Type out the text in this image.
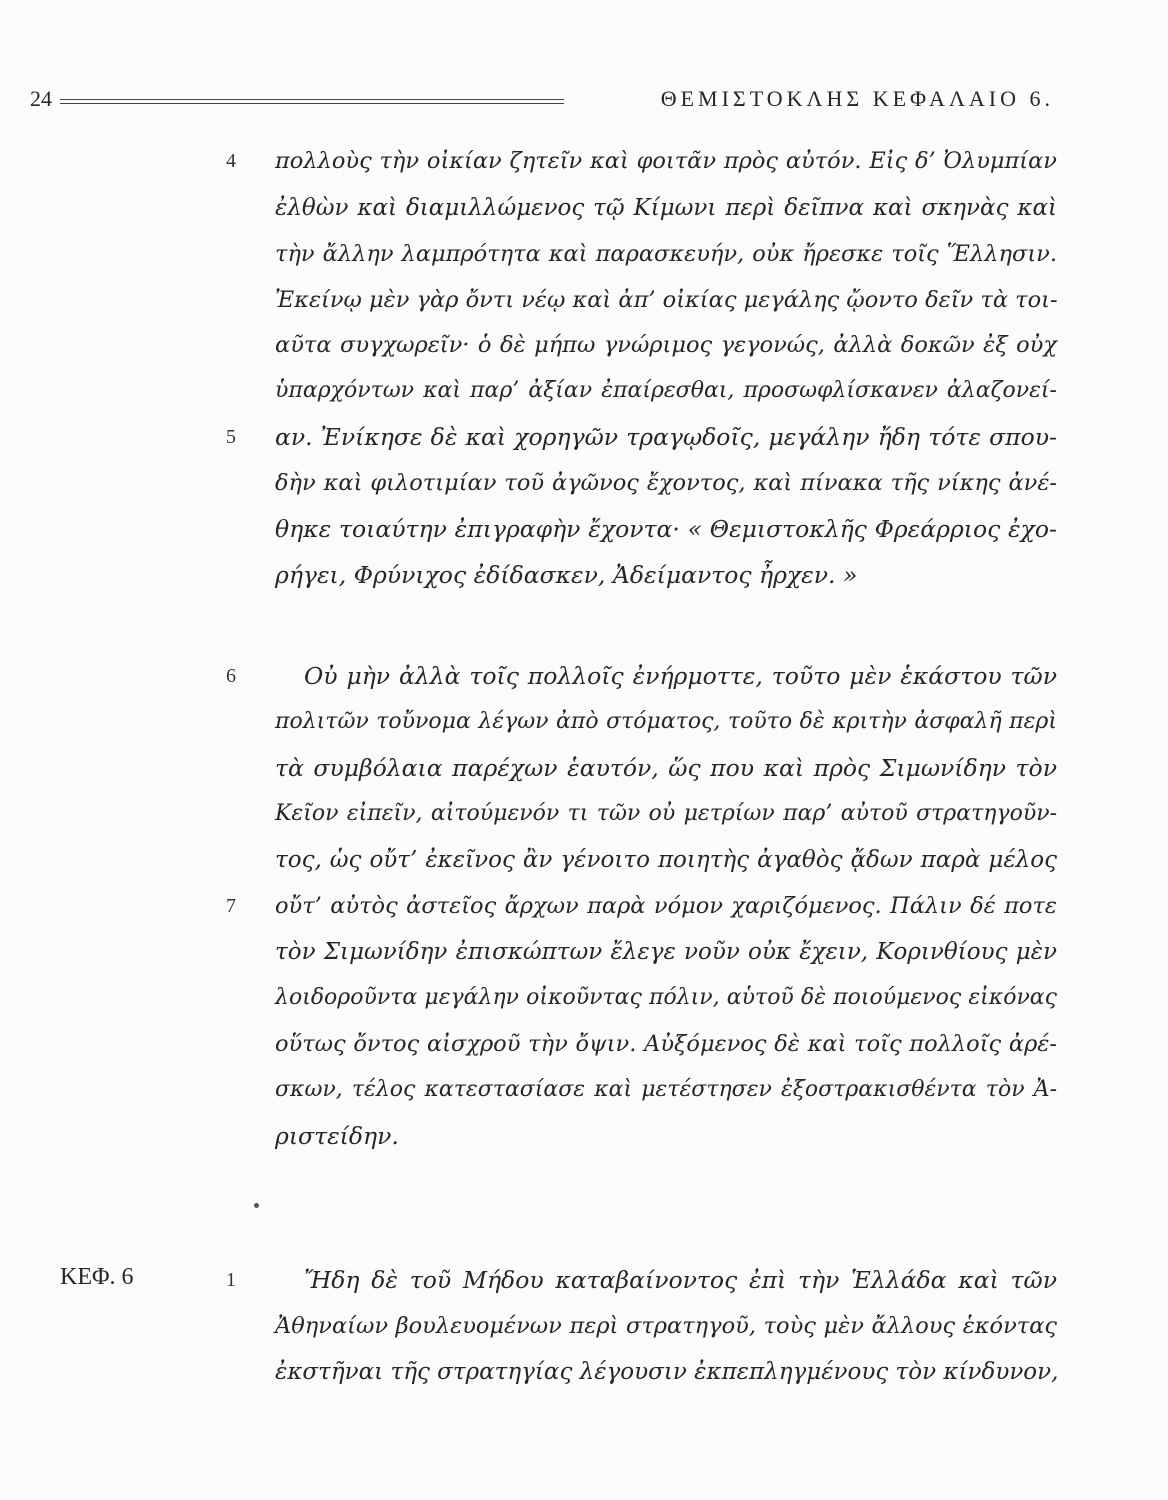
24	ΘΕΜΙΣΤΟΚΛΗΣ ΚΕΦΑΛΑΙΟ 6.
4
5
6
7
1
ΚΕΦ. 6
πολλοὺς τὴν οἰκίαν ζητεῖν καὶ φοιτᾶν πρὸς αὐτόν. Εἰς δ’ Ὀλυμπίαν
ἐλθὼν καὶ διαμιλλώμενος τῷ Κίμωνι περὶ δεῖπνα καὶ σκηνὰς καὶ
τὴν ἄλλην λαμπρότητα καὶ παρασκευήν, οὐκ ἤρεσκε τοῖς Ἕλλησιν.
Ἐκείνῳ μὲν γὰρ ὄντι νέῳ καὶ ἀπ’ οἰκίας μεγάλης ᾤοντο δεῖν τὰ τοι-
αῦτα συγχωρεῖν· ὁ δὲ μήπω γνώριμος γεγονώς, ἀλλὰ δοκῶν ἐξ οὐχ
ὑπαρχόντων καὶ παρ’ ἀξίαν ἐπαίρεσθαι, προσωφλίσκανεν ἀλαζονεί-
αν. Ἐνίκησε δὲ καὶ χορηγῶν τραγῳδοῖς, μεγάλην ἤδη τότε σπου-
δὴν καὶ φιλοτιμίαν τοῦ ἀγῶνος ἔχοντος, καὶ πίνακα τῆς νίκης ἀνέ-
θηκε τοιαύτην ἐπιγραφὴν ἔχοντα· « Θεμιστοκλῆς Φρεάρριος ἐχο-
ρήγει, Φρύνιχος ἐδίδασκεν, Ἀδείμαντος ἦρχεν. »
Οὐ μὴν ἀλλὰ τοῖς πολλοῖς ἐνήρμοττε, τοῦτο μὲν ἑκάστου τῶν
πολιτῶν τοὔνομα λέγων ἀπὸ στόματος, τοῦτο δὲ κριτὴν ἀσφαλῆ περὶ
τὰ συμβόλαια παρέχων ἑαυτόν, ὥς που καὶ πρὸς Σιμωνίδην τὸν
Κεῖον εἰπεῖν, αἰτούμενόν τι τῶν οὐ μετρίων παρ’ αὐτοῦ στρατηγοῦν-
τος, ὡς οὔτ’ ἐκεῖνος ἂν γένοιτο ποιητὴς ἀγαθὸς ᾄδων παρὰ μέλος
οὔτ’ αὐτὸς ἀστεῖος ἄρχων παρὰ νόμον χαριζόμενος. Πάλιν δέ ποτε
τὸν Σιμωνίδην ἐπισκώπτων ἔλεγε νοῦν οὐκ ἔχειν, Κορινθίους μὲν
λοιδοροῦντα μεγάλην οἰκοῦντας πόλιν, αὑτοῦ δὲ ποιούμενος εἰκόνας
οὕτως ὄντος αἰσχροῦ τὴν ὄψιν. Αὐξόμενος δὲ καὶ τοῖς πολλοῖς ἀρέ-
σκων, τέλος κατεστασίασε καὶ μετέστησεν ἐξοστρακισθέντα τὸν Ἀ-
ριστείδην.
Ἤδη δὲ τοῦ Μήδου καταβαίνοντος ἐπὶ τὴν Ἑλλάδα καὶ τῶν
Ἀθηναίων βουλευομένων περὶ στρατηγοῦ, τοὺς μὲν ἄλλους ἑκόντας
ἐκστῆναι τῆς στρατηγίας λέγουσιν ἐκπεπληγμένους τὸν κίνδυνον,
